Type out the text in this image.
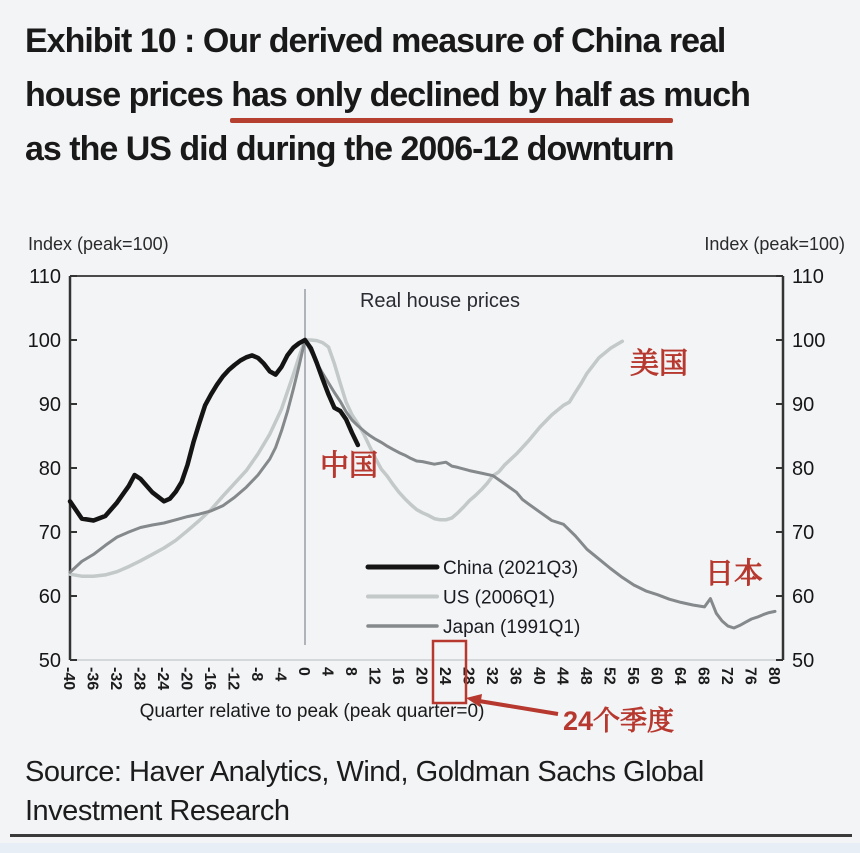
Exhibit 10 : Our derived measure of China real
house prices has only declined by half as much
as the US did during the 2006-12 downturn
110	110
100	100
90	90
80	80
70	70
60	60
50	50
-40 -36 -32 -28 -24 -20 -16 -12 -8 -4 0 4 8 12 16 20 24 28 32 36 40 44 48 52 56 60 64 68 72 76 80
China (2021Q3)
US (2006Q1)
Japan (1991Q1)
Index (peak=100)	Index (peak=100)
Real house prices
中国
美国
日本
Quarter relative to peak (peak quarter=0)	24个季度
Source: Haver Analytics, Wind, Goldman Sachs Global
Investment Research
